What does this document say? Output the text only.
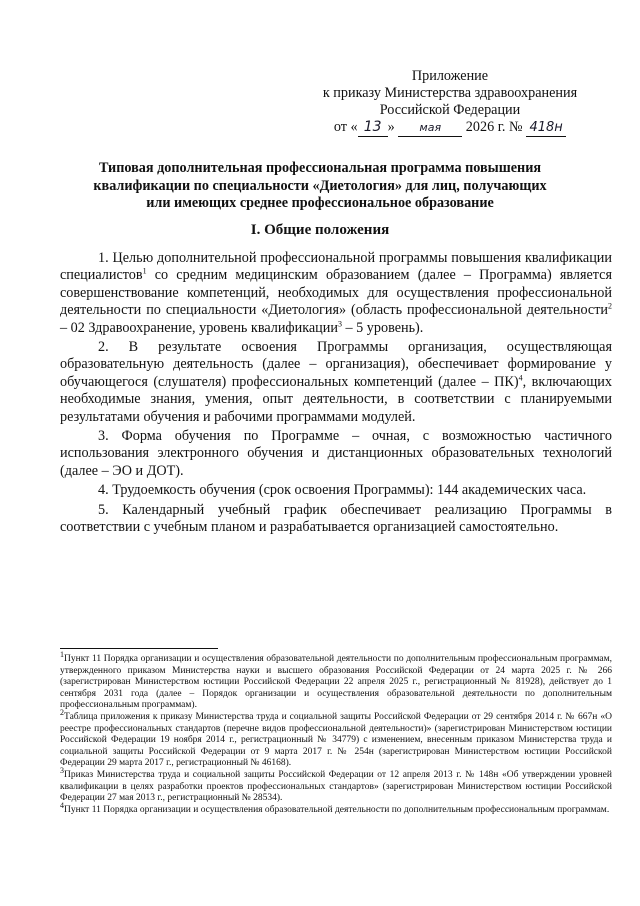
Приложение
к приказу Министерства здравоохранения
Российской Федерации
от « 13 » мая 2026 г. № 418н
Типовая дополнительная профессиональная программа повышения
квалификации по специальности «Диетология» для лиц, получающих
или имеющих среднее профессиональное образование
I. Общие положения

1. Целью дополнительной профессиональной программы повышения квалификации специалистов$^1$ со средним медицинским образованием (далее – Программа) является совершенствование компетенций, необходимых для осуществления профессиональной деятельности по специальности «Диетология» (область профессиональной деятельности$^2$ – 02 Здравоохранение, уровень квалификации$^3$ – 5 уровень).

2. В результате освоения Программы организация, осуществляющая образовательную деятельность (далее – организация), обеспечивает формирование у обучающегося (слушателя) профессиональных компетенций (далее – ПК)$^4$, включающих необходимые знания, умения, опыт деятельности, в соответствии с планируемыми результатами обучения и рабочими программами модулей.

3. Форма обучения по Программе – очная, с возможностью частичного использования электронного обучения и дистанционных образовательных технологий (далее – ЭО и ДОТ).

4. Трудоемкость обучения (срок освоения Программы): 144 академических часа.

5. Календарный учебный график обеспечивает реализацию Программы в соответствии с учебным планом и разрабатывается организацией самостоятельно.

$^1$Пункт 11 Порядка организации и осуществления образовательной деятельности по дополнительным профессиональным программам, утвержденного приказом Министерства науки и высшего образования Российской Федерации от 24 марта 2025 г. № 266 (зарегистрирован Министерством юстиции Российской Федерации 22 апреля 2025 г., регистрационный № 81928), действует до 1 сентября 2031 года (далее – Порядок организации и осуществления образовательной деятельности по дополнительным профессиональным программам).

$^2$Таблица приложения к приказу Министерства труда и социальной защиты Российской Федерации от 29 сентября 2014 г. № 667н «О реестре профессиональных стандартов (перечне видов профессиональной деятельности)» (зарегистрирован Министерством юстиции Российской Федерации 19 ноября 2014 г., регистрационный № 34779) с изменением, внесенным приказом Министерства труда и социальной защиты Российской Федерации от 9 марта 2017 г. № 254н (зарегистрирован Министерством юстиции Российской Федерации 29 марта 2017 г., регистрационный № 46168).

$^3$Приказ Министерства труда и социальной защиты Российской Федерации от 12 апреля 2013 г. № 148н «Об утверждении уровней квалификации в целях разработки проектов профессиональных стандартов» (зарегистрирован Министерством юстиции Российской Федерации 27 мая 2013 г., регистрационный № 28534).

$^4$Пункт 11 Порядка организации и осуществления образовательной деятельности по дополнительным профессиональным программам.
